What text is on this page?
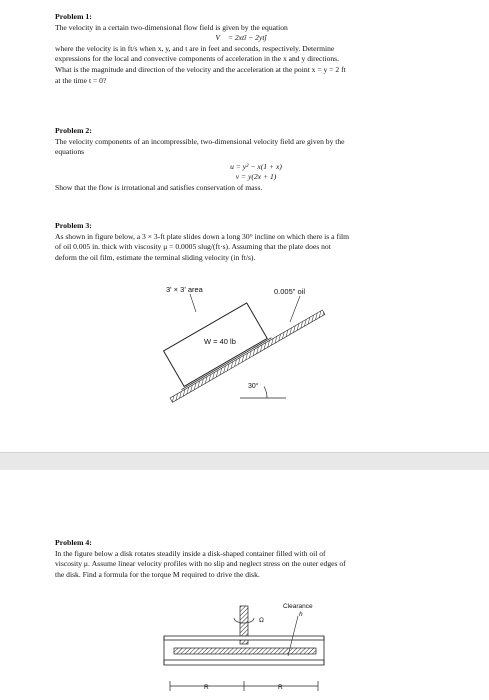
Problem 1:
The velocity in a certain two-dimensional flow field is given by the equation
V⃗ = 2xtî − 2ytĵ
where the velocity is in ft/s when x, y, and t are in feet and seconds, respectively. Determine
expressions for the local and convective components of acceleration in the x and y directions.
What is the magnitude and direction of the velocity and the acceleration at the point x = y = 2 ft
at the time t = 0?
Problem 2:
The velocity components of an incompressible, two-dimensional velocity field are given by the
equations
u = y² − x(1 + x)
v = y(2x + 1)
Show that the flow is irrotational and satisfies conservation of mass.
Problem 3:
As shown in figure below, a 3 × 3-ft plate slides down a long 30° incline on which there is a film
of oil 0.005 in. thick with viscosity μ = 0.0005 slug/(ft·s). Assuming that the plate does not
deform the oil film, estimate the terminal sliding velocity (in ft/s).
3' × 3' area	0.005" oil
W = 40 lb
30°
Problem 4:
In the figure below a disk rotates steadily inside a disk-shaped container filled with oil of
viscosity μ. Assume linear velocity profiles with no slip and neglect stress on the outer edges of
the disk. Find a formula for the torque M required to drive the disk.
Ω
Clearance
h
R	R
